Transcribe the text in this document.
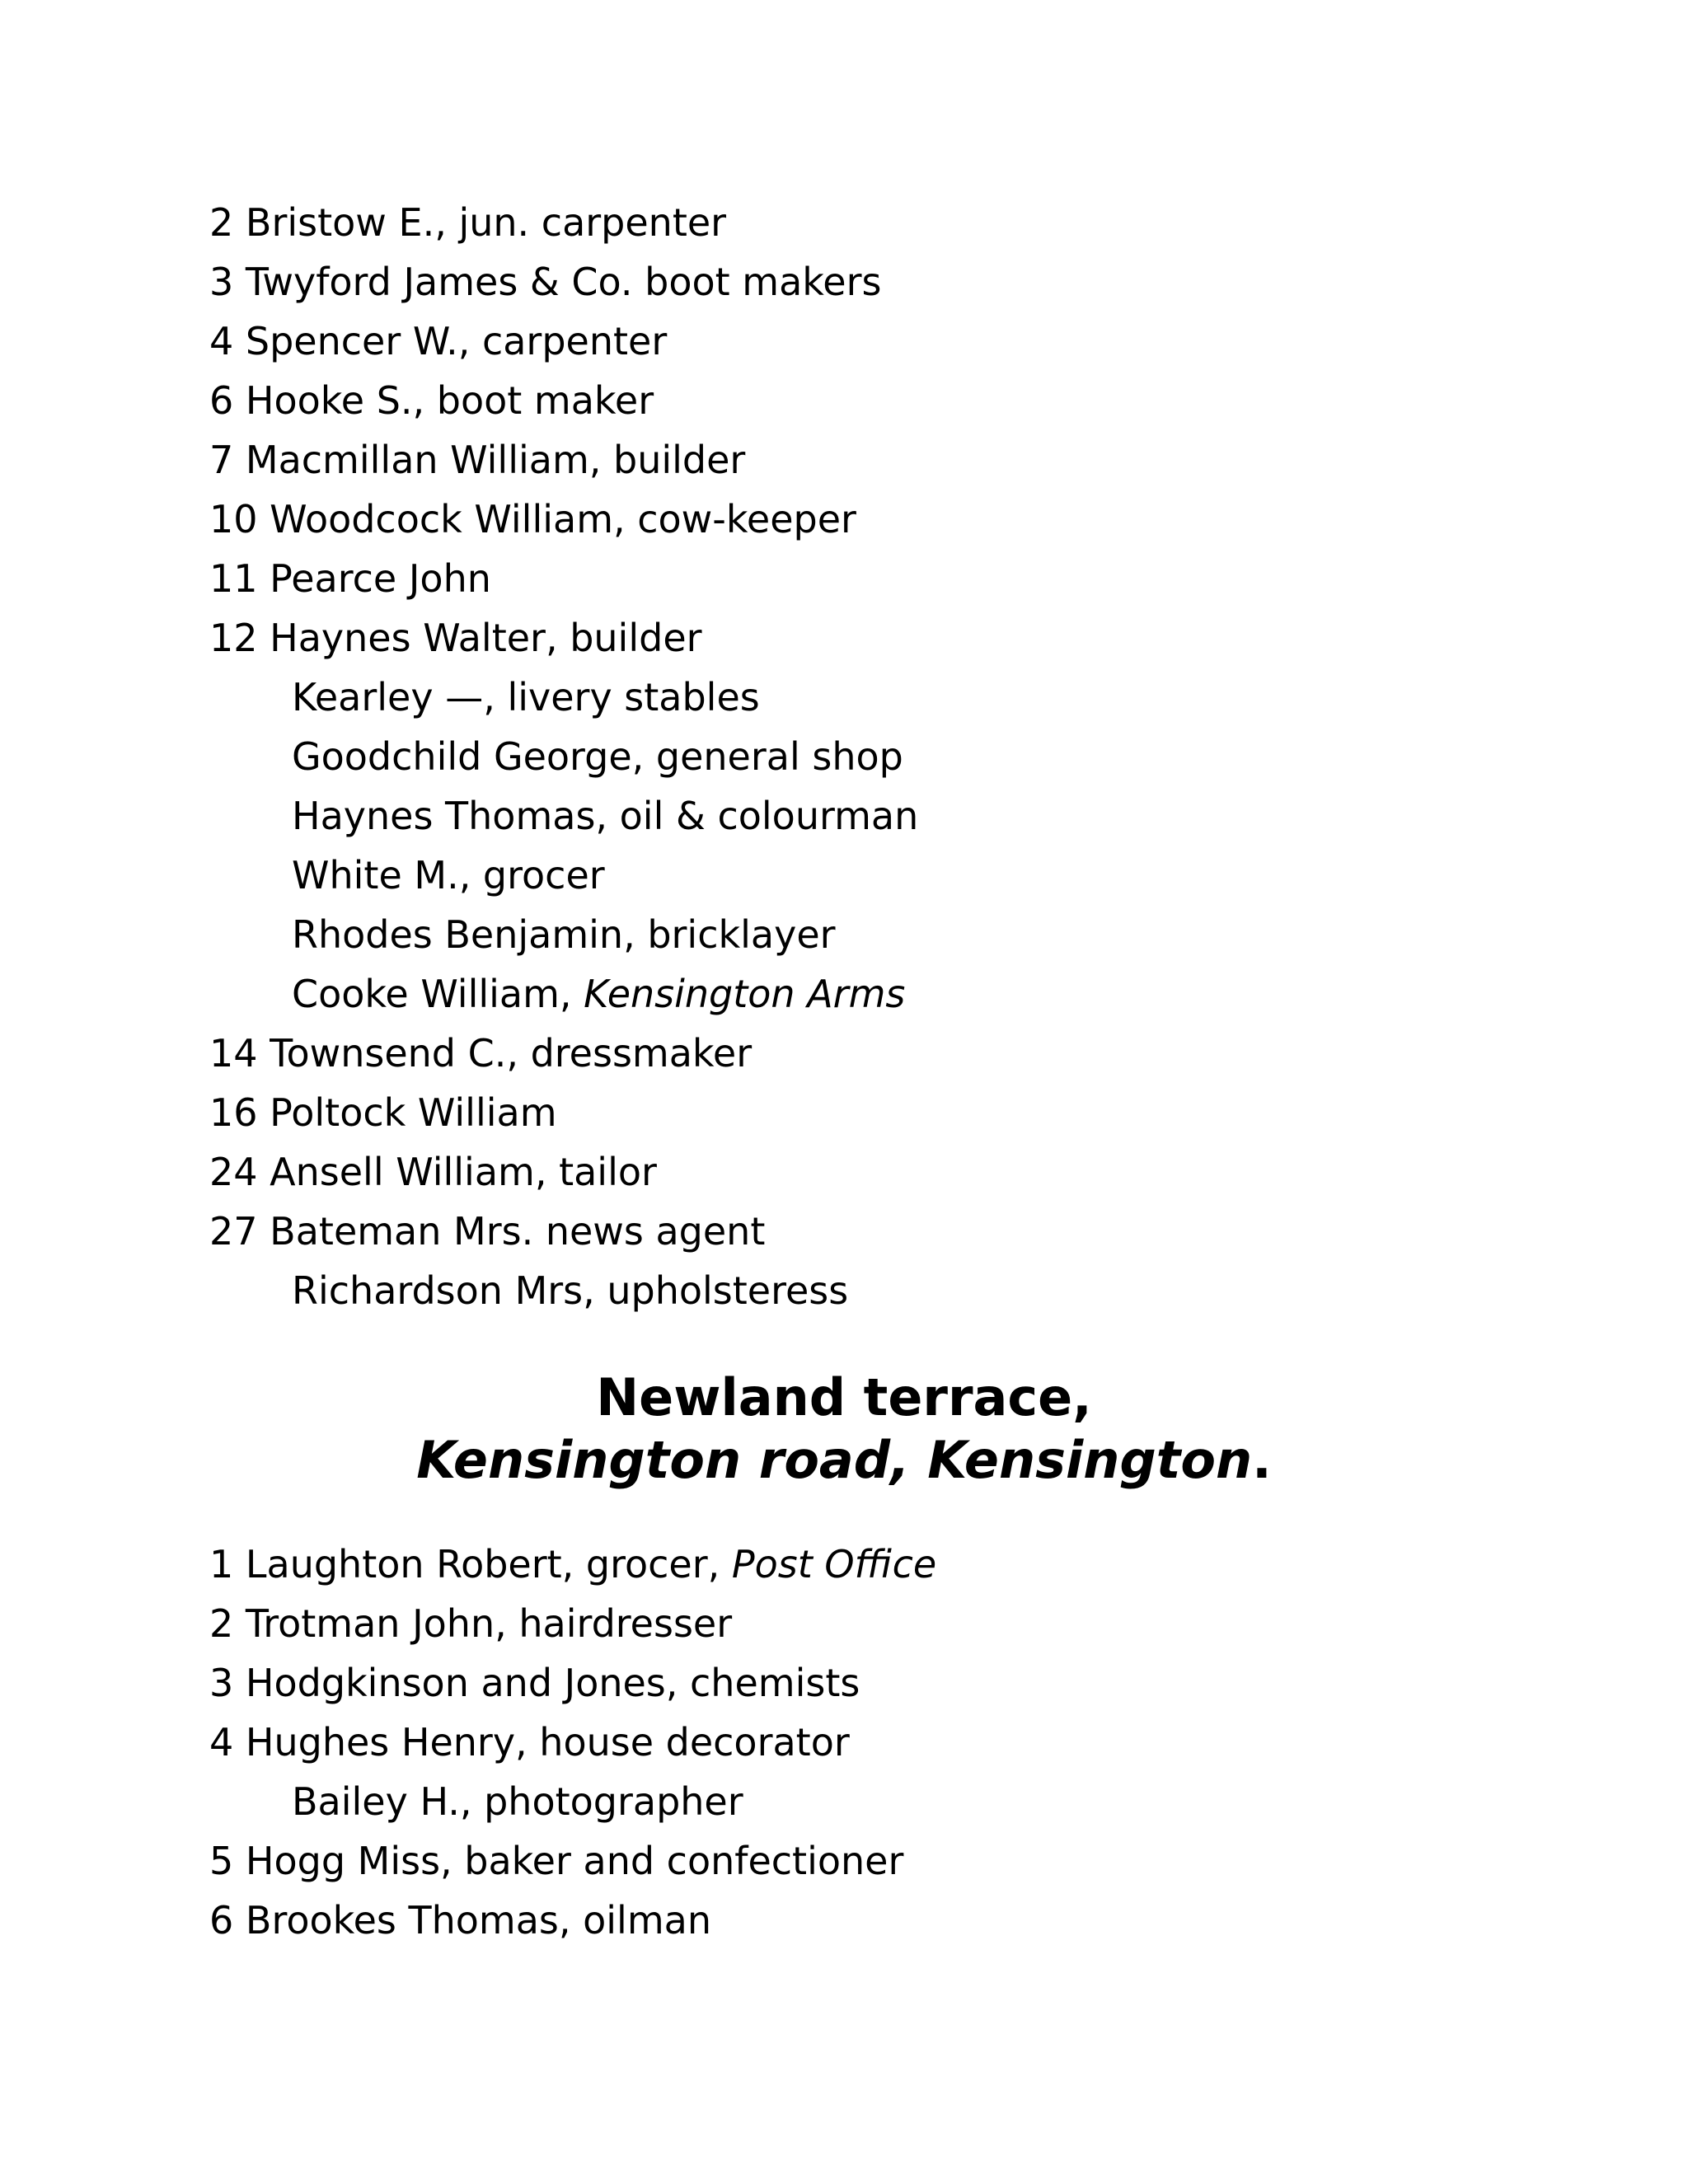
2 Bristow E., jun. carpenter
3 Twyford James & Co. boot makers
4 Spencer W., carpenter
6 Hooke S., boot maker
7 Macmillan William, builder
10 Woodcock William, cow-keeper
11 Pearce John
12 Haynes Walter, builder
Kearley —, livery stables
Goodchild George, general shop
Haynes Thomas, oil & colourman
White M., grocer
Rhodes Benjamin, bricklayer
Cooke William, Kensington Arms
14 Townsend C., dressmaker
16 Poltock William
24 Ansell William, tailor
27 Bateman Mrs. news agent
Richardson Mrs, upholsteress
Newland terrace,
Kensington road, Kensington.
1 Laughton Robert, grocer, Post Office
2 Trotman John, hairdresser
3 Hodgkinson and Jones, chemists
4 Hughes Henry, house decorator
Bailey H., photographer
5 Hogg Miss, baker and confectioner
6 Brookes Thomas, oilman
